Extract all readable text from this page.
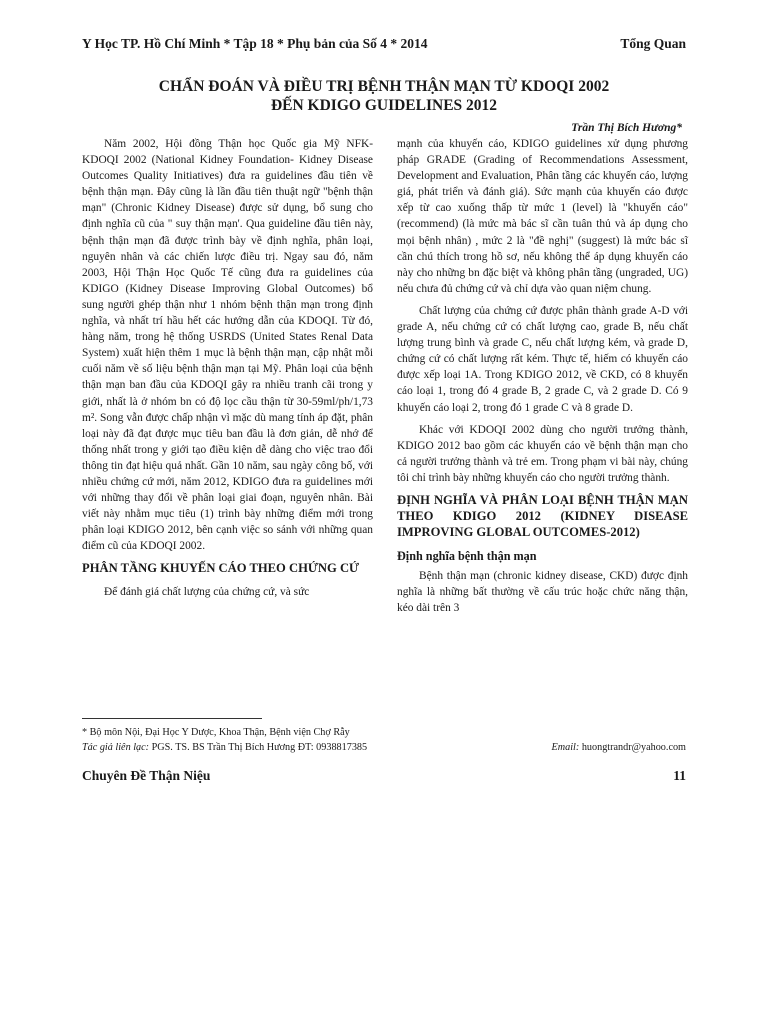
Y Học TP. Hồ Chí Minh * Tập 18 * Phụ bản của Số 4 * 2014	Tổng Quan
CHẨN ĐOÁN VÀ ĐIỀU TRỊ BỆNH THẬN MẠN TỪ KDOQI 2002
ĐẾN KDIGO GUIDELINES 2012
Trần Thị Bích Hương*

Năm 2002, Hội đồng Thận học Quốc gia Mỹ NFK-KDOQI 2002 (National Kidney Foundation- Kidney Disease Outcomes Quality Initiatives) đưa ra guidelines đầu tiên về bệnh thận mạn. Đây cũng là lần đầu tiên thuật ngữ "bệnh thận mạn" (Chronic Kidney Disease) được sử dụng, bổ sung cho định nghĩa cũ của " suy thận mạn'. Qua guideline đầu tiên này, bệnh thận mạn đã được trình bày về định nghĩa, phân loại, nguyên nhân và các chiến lược điều trị. Ngay sau đó, năm 2003, Hội Thận Học Quốc Tế cũng đưa ra guidelines của KDIGO (Kidney Disease Improving Global Outcomes) bổ sung người ghép thận như 1 nhóm bệnh thận mạn trong định nghĩa, và nhất trí hầu hết các hướng dẫn của KDOQI. Từ đó, hàng năm, trong hệ thống USRDS (United States Renal Data System) xuất hiện thêm 1 mục là bệnh thận mạn, cập nhật mỗi cuối năm về số liệu bệnh thận mạn tại Mỹ. Phân loại của bệnh thận mạn ban đầu của KDOQI gây ra nhiều tranh cãi trong y giới, nhất là ở nhóm bn có độ lọc cầu thận từ 30-59ml/ph/1,73 m². Song vẫn được chấp nhận vì mặc dù mang tính áp đặt, phân loại này đã đạt được mục tiêu ban đầu là đơn giản, dễ nhớ để thống nhất trong y giới tạo điều kiện dễ dàng cho việc trao đổi thông tin đạt hiệu quả nhất. Gần 10 năm, sau ngày công bố, với nhiều chứng cứ mới, năm 2012, KDIGO đưa ra guidelines mới với những thay đổi về phân loại giai đoạn, nguyên nhân. Bài viết này nhằm mục tiêu (1) trình bày những điểm mới trong phân loại KDIGO 2012, bên cạnh việc so sánh với những quan điểm cũ của KDOQI 2002.

PHÂN TẦNG KHUYẾN CÁO THEO CHỨNG CỨ

Để đánh giá chất lượng của chứng cứ, và sức

mạnh của khuyến cáo, KDIGO guidelines xử dụng phương pháp GRADE (Grading of Recommendations Assessment, Development and Evaluation, Phân tầng các khuyến cáo, lượng giá, phát triển và đánh giá). Sức mạnh của khuyến cáo được xếp từ cao xuống thấp từ mức 1 (level) là "khuyến cáo" (recommend) (là mức mà bác sĩ cần tuân thủ và áp dụng cho mọi bệnh nhân) , mức 2 là "đề nghị" (suggest) là mức bác sĩ cần chú thích trong hồ sơ, nếu không thể áp dụng khuyến cáo này cho những bn đặc biệt và không phân tầng (ungraded, UG) nếu chưa đủ chứng cứ và chỉ dựa vào quan niệm chung.

Chất lượng của chứng cứ được phân thành grade A-D với grade A, nếu chứng cứ có chất lượng cao, grade B, nếu chất lượng trung bình và grade C, nếu chất lượng kém, và grade D, chứng cứ có chất lượng rất kém. Thực tế, hiếm có khuyến cáo được xếp loại 1A. Trong KDIGO 2012, về CKD, có 8 khuyến cáo loại 1, trong đó 4 grade B, 2 grade C, và 2 grade D. Có 9 khuyến cáo loại 2, trong đó 1 grade C và 8 grade D.

Khác với KDOQI 2002 dùng cho người trưởng thành, KDIGO 2012 bao gồm các khuyến cáo về bệnh thận mạn cho cả người trưởng thành và trẻ em. Trong phạm vi bài này, chúng tôi chỉ trình bày những khuyến cáo cho người trưởng thành.

ĐỊNH NGHĨA VÀ PHÂN LOẠI BỆNH THẬN MẠN THEO KDIGO 2012 (KIDNEY DISEASE IMPROVING GLOBAL OUTCOMES-2012)
Định nghĩa bệnh thận mạn

Bệnh thận mạn (chronic kidney disease, CKD) được định nghĩa là những bất thường về cấu trúc hoặc chức năng thận, kéo dài trên 3

* Bộ môn Nội, Đại Học Y Dược, Khoa Thận, Bệnh viện Chợ Rẫy
Tác giả liên lạc: PGS. TS. BS Trần Thị Bích Hương ĐT: 0938817385	Email: huongtrandr@yahoo.com
Chuyên Đề Thận Niệu	11
